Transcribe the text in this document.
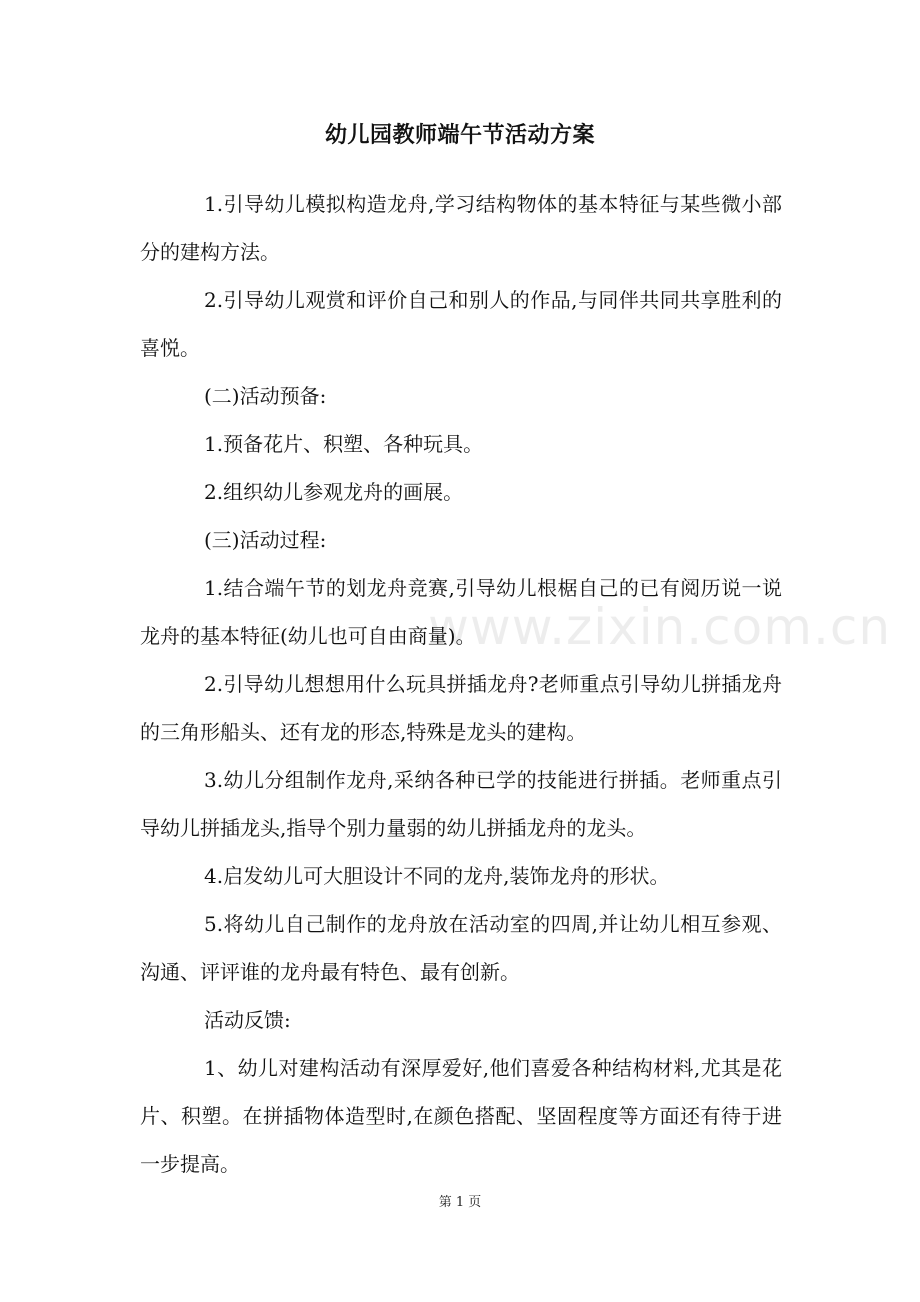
幼儿园教师端午节活动方案

1.引导幼儿模拟构造龙舟,学习结构物体的基本特征与某些微小部分的建构方法。

2.引导幼儿观赏和评价自己和别人的作品,与同伴共同共享胜利的喜悦。

(二)活动预备:

1.预备花片、积塑、各种玩具。

2.组织幼儿参观龙舟的画展。

(三)活动过程:

1.结合端午节的划龙舟竞赛,引导幼儿根椐自己的已有阅历说一说龙舟的基本特征(幼儿也可自由商量)。

2.引导幼儿想想用什么玩具拼插龙舟?老师重点引导幼儿拼插龙舟的三角形船头、还有龙的形态,特殊是龙头的建构。

3.幼儿分组制作龙舟,采纳各种已学的技能进行拼插。老师重点引导幼儿拼插龙头,指导个别力量弱的幼儿拼插龙舟的龙头。

4.启发幼儿可大胆设计不同的龙舟,装饰龙舟的形状。

5.将幼儿自己制作的龙舟放在活动室的四周,并让幼儿相互参观、沟通、评评谁的龙舟最有特色、最有创新。

活动反馈:

1、幼儿对建构活动有深厚爱好,他们喜爱各种结构材料,尤其是花片、积塑。在拼插物体造型时,在颜色搭配、坚固程度等方面还有待于进一步提高。

www.zixin.com.cn
第 1 页
